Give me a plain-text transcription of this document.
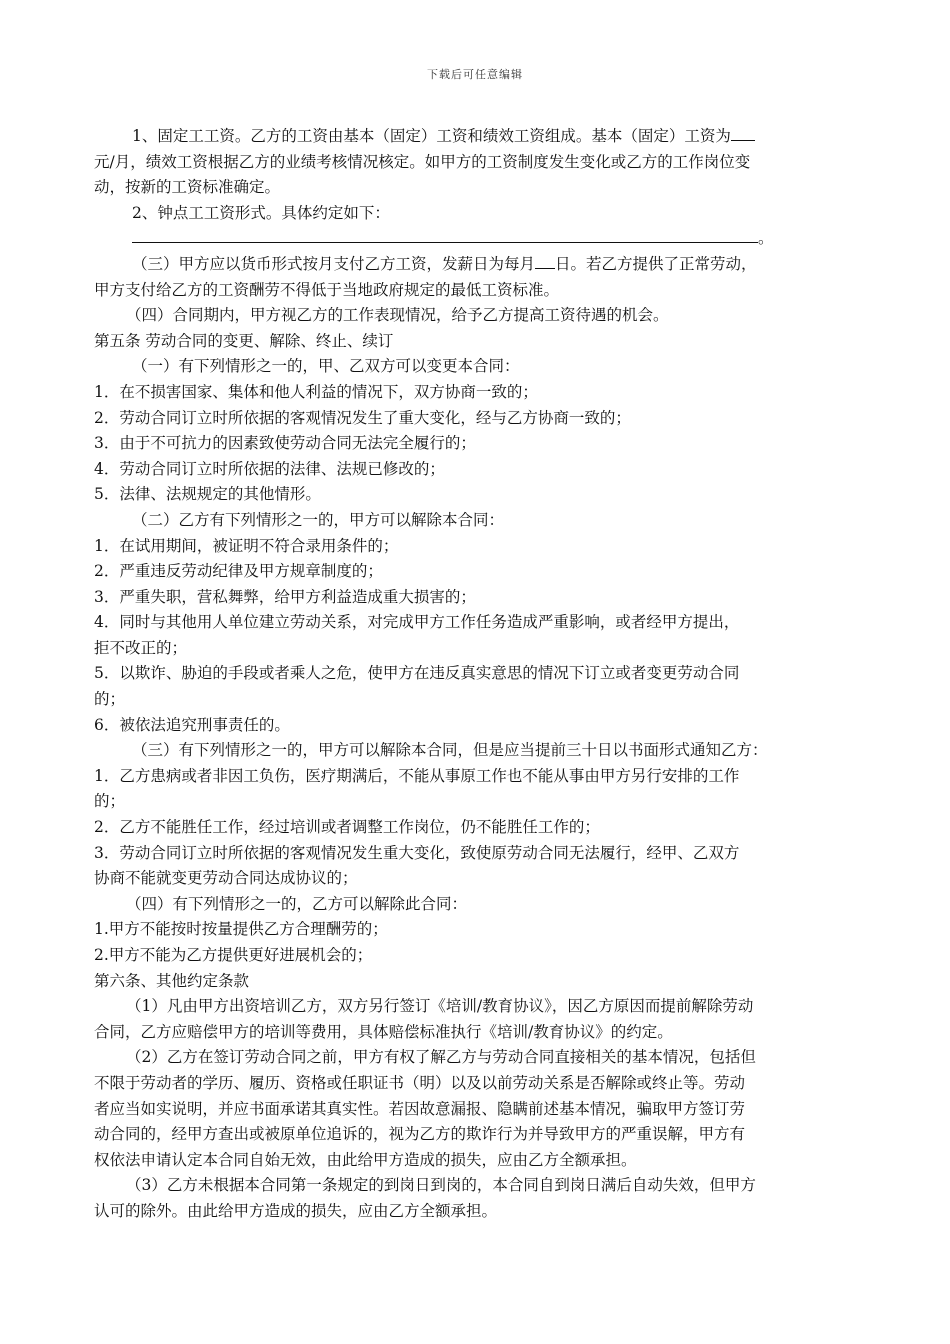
下载后可任意编辑
1、固定工工资。乙方的工资由基本（固定）工资和绩效工资组成。基本（固定）工资为
元/月，绩效工资根据乙方的业绩考核情况核定。如甲方的工资制度发生变化或乙方的工作岗位变
动，按新的工资标准确定。
2、钟点工工资形式。具体约定如下：
。
（三）甲方应以货币形式按月支付乙方工资，发薪日为每月 日。若乙方提供了正常劳动，
甲方支付给乙方的工资酬劳不得低于当地政府规定的最低工资标准。
（四）合同期内，甲方视乙方的工作表现情况，给予乙方提高工资待遇的机会。
第五条 劳动合同的变更、解除、终止、续订
（一）有下列情形之一的，甲、乙双方可以变更本合同：
1．在不损害国家、集体和他人利益的情况下，双方协商一致的；
2．劳动合同订立时所依据的客观情况发生了重大变化，经与乙方协商一致的；
3．由于不可抗力的因素致使劳动合同无法完全履行的；
4．劳动合同订立时所依据的法律、法规已修改的；
5．法律、法规规定的其他情形。
（二）乙方有下列情形之一的，甲方可以解除本合同：
1．在试用期间，被证明不符合录用条件的；
2．严重违反劳动纪律及甲方规章制度的；
3．严重失职，营私舞弊，给甲方利益造成重大损害的；
4．同时与其他用人单位建立劳动关系，对完成甲方工作任务造成严重影响，或者经甲方提出，
拒不改正的；
5．以欺诈、胁迫的手段或者乘人之危，使甲方在违反真实意思的情况下订立或者变更劳动合同
的；
6．被依法追究刑事责任的。
（三）有下列情形之一的，甲方可以解除本合同，但是应当提前三十日以书面形式通知乙方：
1．乙方患病或者非因工负伤，医疗期满后，不能从事原工作也不能从事由甲方另行安排的工作
的；
2．乙方不能胜任工作，经过培训或者调整工作岗位，仍不能胜任工作的；
3．劳动合同订立时所依据的客观情况发生重大变化，致使原劳动合同无法履行，经甲、乙双方
协商不能就变更劳动合同达成协议的；
（四）有下列情形之一的，乙方可以解除此合同：
1.甲方不能按时按量提供乙方合理酬劳的；
2.甲方不能为乙方提供更好进展机会的；
第六条、其他约定条款
（1）凡由甲方出资培训乙方，双方另行签订《培训/教育协议》，因乙方原因而提前解除劳动
合同，乙方应赔偿甲方的培训等费用，具体赔偿标准执行《培训/教育协议》的约定。
（2）乙方在签订劳动合同之前，甲方有权了解乙方与劳动合同直接相关的基本情况，包括但
不限于劳动者的学历、履历、资格或任职证书（明）以及以前劳动关系是否解除或终止等。劳动
者应当如实说明，并应书面承诺其真实性。若因故意漏报、隐瞒前述基本情况，骗取甲方签订劳
动合同的，经甲方查出或被原单位追诉的，视为乙方的欺诈行为并导致甲方的严重误解，甲方有
权依法申请认定本合同自始无效，由此给甲方造成的损失，应由乙方全额承担。
（3）乙方未根据本合同第一条规定的到岗日到岗的，本合同自到岗日满后自动失效，但甲方
认可的除外。由此给甲方造成的损失，应由乙方全额承担。
